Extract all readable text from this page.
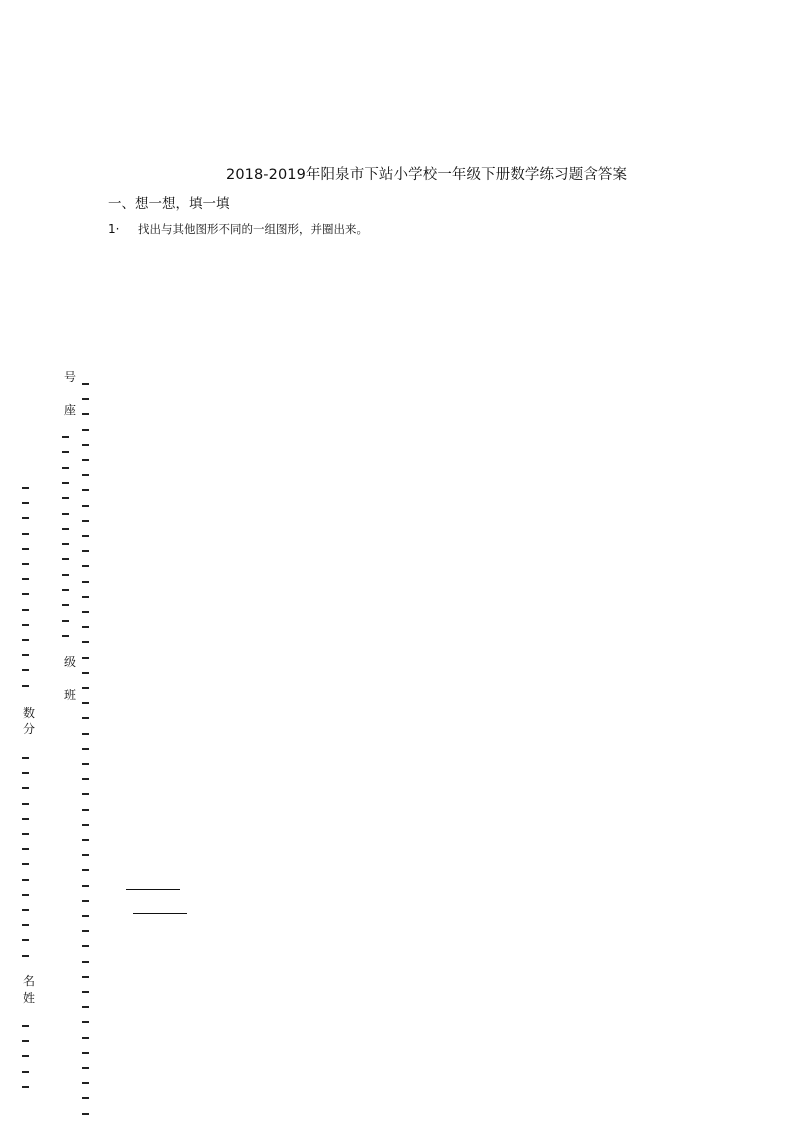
2018-2019年阳泉市下站小学校一年级下册数学练习题含答案
一、想一想，填一填
1· 找出与其他图形不同的一组图形，并圈出来。
号
座
级
班
数
分
名
姓
